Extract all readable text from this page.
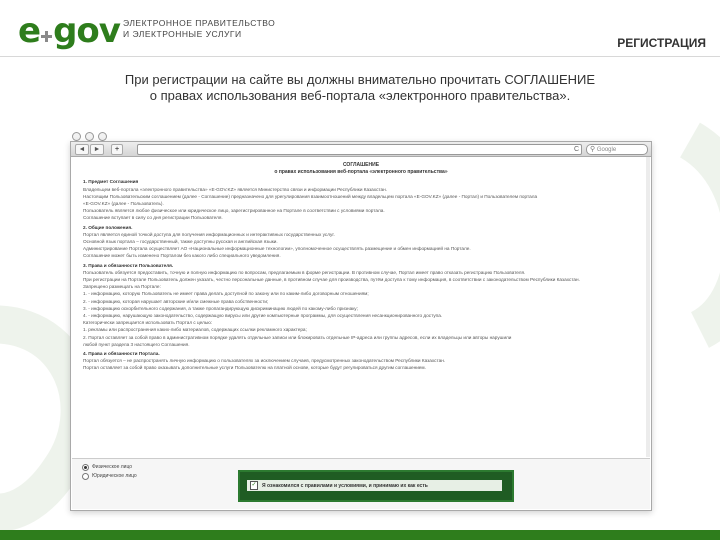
e gov ЭЛЕКТРОННОЕ ПРАВИТЕЛЬСТВО
И ЭЛЕКТРОННЫЕ УСЛУГИ
РЕГИСТРАЦИЯ
При регистрации на сайте вы должны внимательно прочитать СОГЛАШЕНИЕ
о правах использования веб-портала «электронного правительства».
◄	►	+	C	⚲ Google
СОГЛАШЕНИЕ
о правах использования веб-портала «электронного правительства»
1. Предмет Соглашения
Владельцем веб-портала «электронного правительства» «E-GOV.KZ» является Министерство связи и информации Республики Казахстан.
Настоящим Пользовательским соглашением (далее - Соглашение) предназначено для урегулирования взаимоотношений между владельцем портала «E-GOV.KZ» (далее - Портал) и Пользователем портала
«E-GOV.KZ» (далее - Пользователь).
Пользователь является любое физическое или юридическое лицо, зарегистрированное на Портале в соответствии с условиями портала.
Соглашение вступает в силу со дня регистрации Пользователя.
2. Общие положения.
Портал является единой точкой доступа для получения информационных и интерактивных государственных услуг.
Основной язык портала – государственный, также доступны русская и английская языки.
Администрирование Портала осуществляет АО «Национальные информационные технологии», уполномоченное осуществлять размещение и обмен информацией на Портале.
Соглашение может быть изменено Порталом без какого либо специального уведомления.
3. Права и обязанности Пользователя.
Пользователь обязуется предоставить, точную и полную информацию по вопросам, предлагаемым в форме регистрации. В противном случае, Портал имеет право отказать регистрацию Пользователя.
При регистрации на Портале Пользователь должен указать, честно персональные данные, в противном случае для производства, путём доступа к тому информация, в соответствии с законодательством Республики Казахстан.
Запрещено размещать на Портале:
1. - информацию, которую Пользователь не имеет права делать доступной по закону или по каким-либо договорным отношениям;
2. - информацию, которая нарушает авторские и/или смежные права собственности;
3. - информацию оскорбительного содержания, а также пропагандирующую дискриминацию людей по какому-либо признаку;
4. - информацию, нарушающую законодательство, содержащую вирусы или другие компьютерные программы, для осуществления несанкционированного доступа.
Категорически запрещается использовать Портал с целью:
1. рекламы или распространения каких-либо материалов, содержащих ссылки рекламного характера;
2. Портал оставляет за собой право в административном порядке удалять отдельные записи или блокировать отдельные IP-адреса или группы адресов, если их владельцы или авторы нарушили
любой пункт раздела 3 настоящего Соглашения.
4. Права и обязанности Портала.
Портал обязуется – не распространять личную информацию о пользователях за исключением случаев, предусмотренных законодательством Республики Казахстан.
Портал оставляет за собой право оказывать дополнительные услуги Пользователю на платной основе, которые будут регулироваться другим соглашением.
Физическое лицо
Юридическое лицо
✓ Я ознакомился с правилами и условиями, и принимаю их как есть
